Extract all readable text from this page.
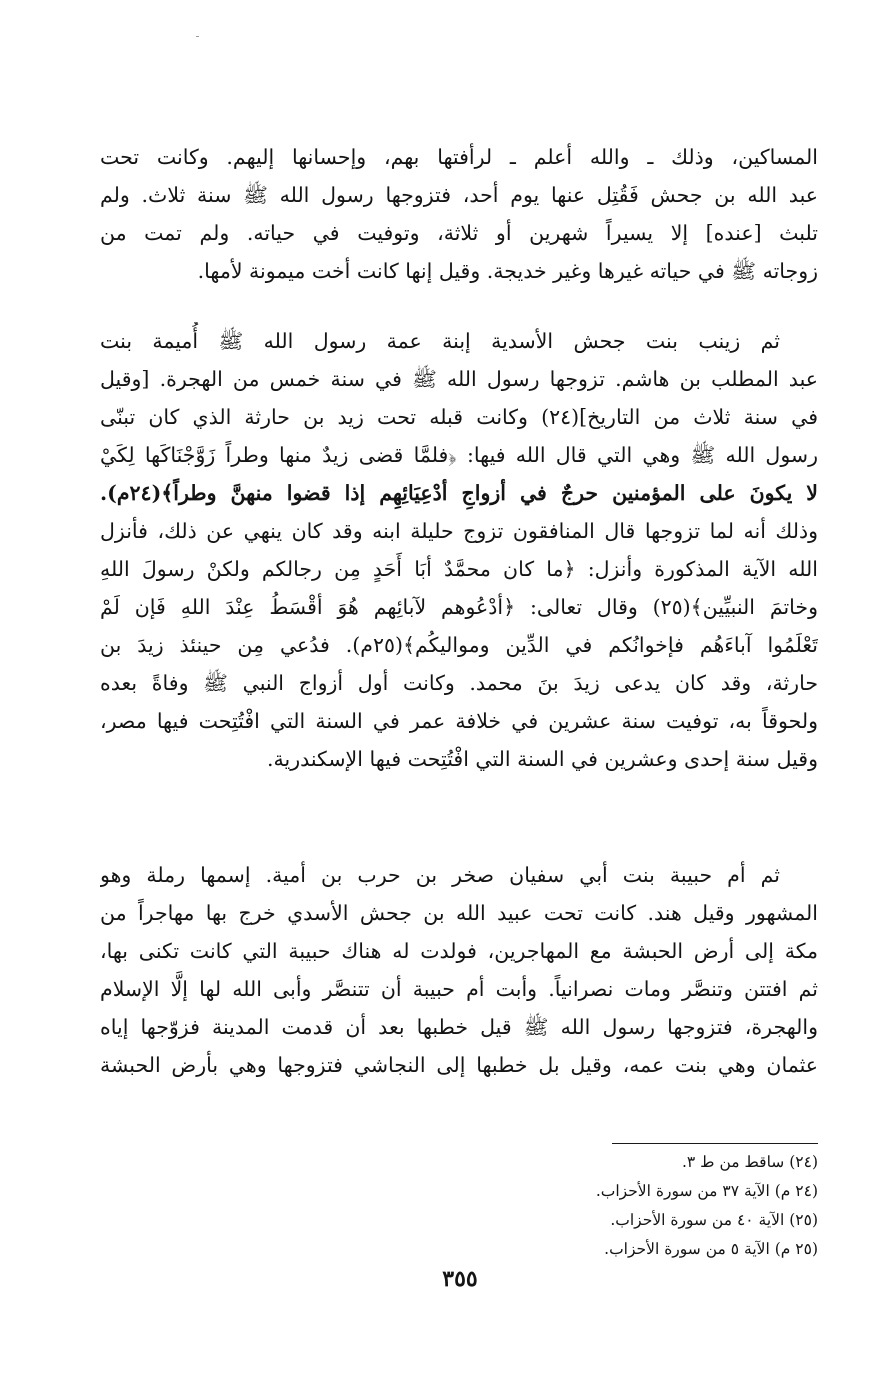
المساكين، وذلك ـ والله أعلم ـ لرأفتها بهم، وإحسانها إليهم. وكانت تحت
عبد الله بن جحش فَقُتِل عنها يوم أحد، فتزوجها رسول الله ﷺ سنة ثلاث. ولم
تلبث [عنده] إلا يسيراً شهرين أو ثلاثة، وتوفيت في حياته. ولم تمت من
زوجاته ﷺ في حياته غيرها وغير خديجة. وقيل إنها كانت أخت ميمونة لأمها.
ثم زينب بنت جحش الأسدية إبنة عمة رسول الله ﷺ أُميمة بنت
عبد المطلب بن هاشم. تزوجها رسول الله ﷺ في سنة خمس من الهجرة. [وقيل
في سنة ثلاث من التاريخ](٢٤) وكانت قبله تحت زيد بن حارثة الذي كان تبنّى
رسول الله ﷺ وهي التي قال الله فيها: ﴿فلمَّا قضى زيدٌ منها وطراً زَوَّجْنَاكَها لِكَيْ
لا يكونَ على المؤمنين حرجٌ في أزواجِ أدْعِيَائِهِم إذا قضوا منهنَّ وطراً﴾(٢٤م).
وذلك أنه لما تزوجها قال المنافقون تزوج حليلة ابنه وقد كان ينهي عن ذلك، فأنزل
الله الآية المذكورة وأنزل: ﴿ما كان محمَّدٌ أبَا أَحَدٍ مِن رجالكم ولكنْ رسولَ اللهِ
وخاتمَ النبيِّين﴾(٢٥) وقال تعالى: ﴿أدْعُوهم لآبائِهم هُوَ أقْسَطُ عِنْدَ اللهِ فَإن لَمْ
تَعْلَمُوا آباءَهُم فإخوانُكم في الدِّين ومواليكُم﴾(٢٥م). فدُعي مِن حينئذ زيدَ بن
حارثة، وقد كان يدعى زيدَ بنَ محمد. وكانت أول أزواج النبي ﷺ وفاةً بعده
ولحوقاً به، توفيت سنة عشرين في خلافة عمر في السنة التي افْتُتِحت فيها مصر،
وقيل سنة إحدى وعشرين في السنة التي افْتُتِحت فيها الإسكندرية.
ثم أم حبيبة بنت أبي سفيان صخر بن حرب بن أمية. إسمها رملة وهو
المشهور وقيل هند. كانت تحت عبيد الله بن جحش الأسدي خرج بها مهاجراً من
مكة إلى أرض الحبشة مع المهاجرين، فولدت له هناك حبيبة التي كانت تكنى بها،
ثم افتتن وتنصَّر ومات نصرانياً. وأبت أم حبيبة أن تتنصَّر وأبى الله لها إلَّا الإسلام
والهجرة، فتزوجها رسول الله ﷺ قيل خطبها بعد أن قدمت المدينة فزوّجها إياه
عثمان وهي بنت عمه، وقيل بل خطبها إلى النجاشي فتزوجها وهي بأرض الحبشة
(٢٤) ساقط من ط ٣.
(٢٤ م) الآية ٣٧ من سورة الأحزاب.
(٢٥) الآية ٤٠ من سورة الأحزاب.
(٢٥ م) الآية ٥ من سورة الأحزاب.
٣٥٥
